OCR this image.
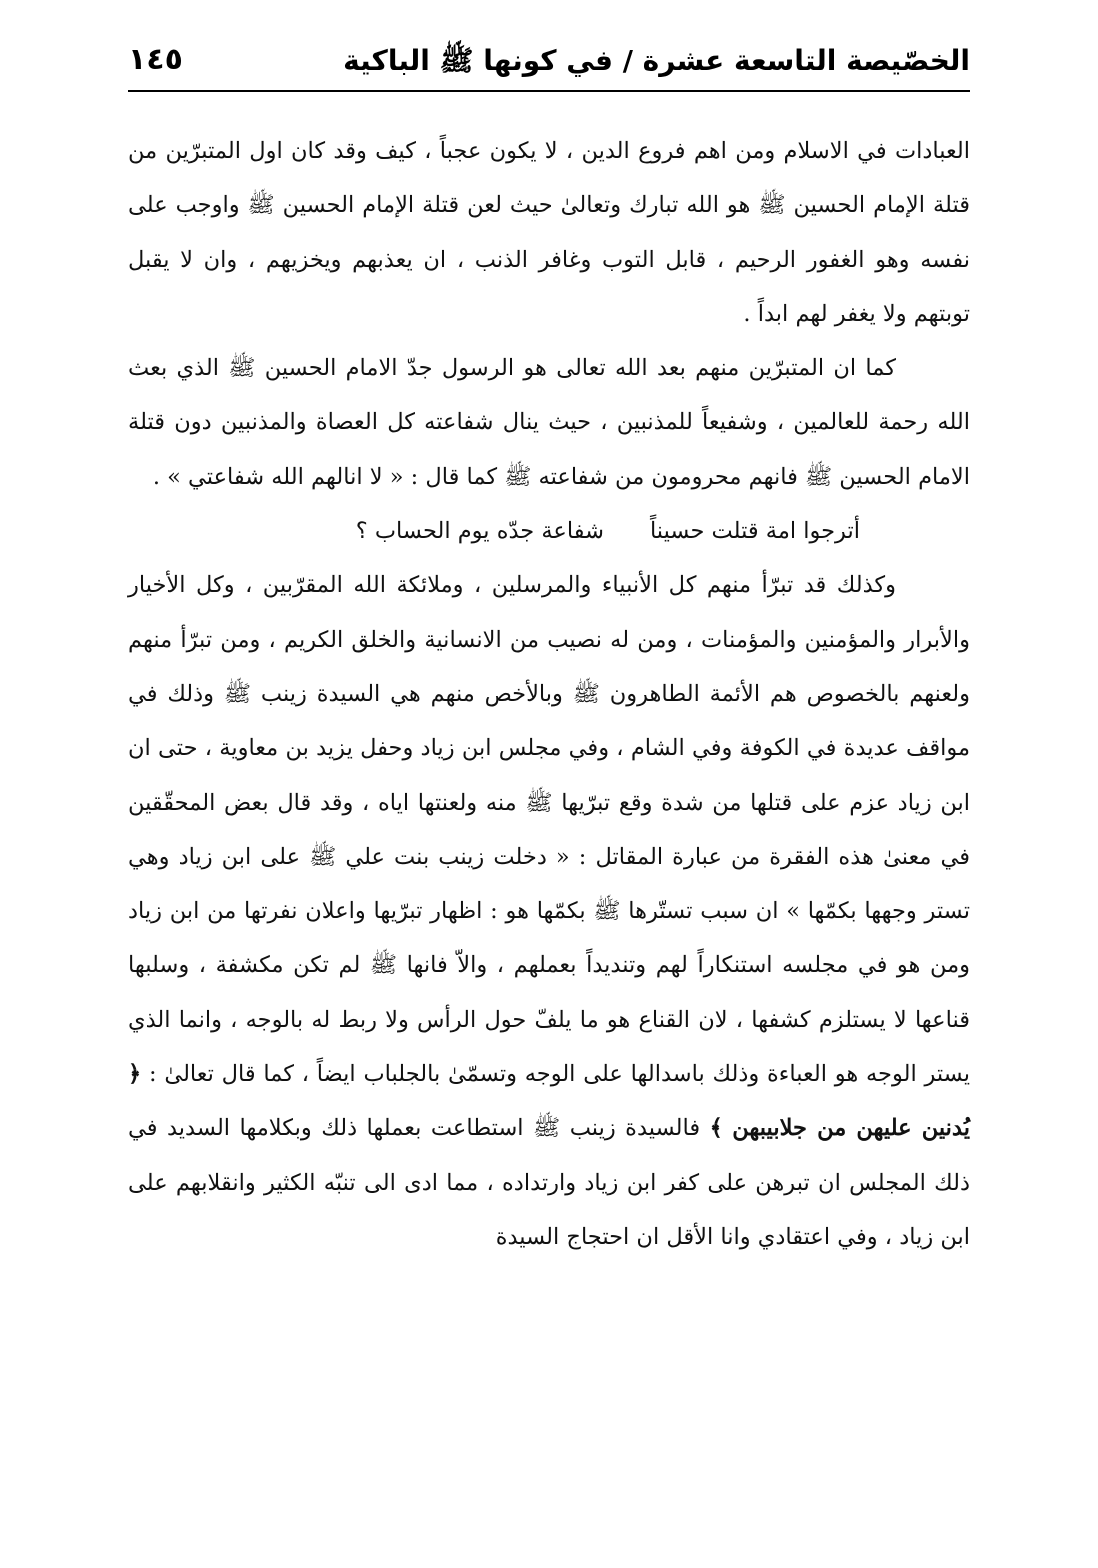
الخصّيصة التاسعة عشرة / في كونها ﷺ الباكية
١٤٥

العبادات في الاسلام ومن اهم فروع الدين ، لا يكون عجباً ، كيف وقد كان اول المتبرّين من قتلة الإمام الحسين ﷺ هو الله تبارك وتعالىٰ حيث لعن قتلة الإمام الحسين ﷺ واوجب على نفسه وهو الغفور الرحيم ، قابل التوب وغافر الذنب ، ان يعذبهم ويخزيهم ، وان لا يقبل توبتهم ولا يغفر لهم ابداً .

كما ان المتبرّين منهم بعد الله تعالى هو الرسول جدّ الامام الحسين ﷺ الذي بعث الله رحمة للعالمين ، وشفيعاً للمذنبين ، حيث ينال شفاعته كل العصاة والمذنبين دون قتلة الامام الحسين ﷺ فانهم محرومون من شفاعته ﷺ كما قال : « لا انالهم الله شفاعتي » .

أترجوا امة قتلت حسيناً
شفاعة جدّه يوم الحساب ؟

وكذلك قد تبرّأ منهم كل الأنبياء والمرسلين ، وملائكة الله المقرّبين ، وكل الأخيار والأبرار والمؤمنين والمؤمنات ، ومن له نصيب من الانسانية والخلق الكريم ، ومن تبرّأ منهم ولعنهم بالخصوص هم الأئمة الطاهرون ﷺ وبالأخص منهم هي السيدة زينب ﷺ وذلك في مواقف عديدة في الكوفة وفي الشام ، وفي مجلس ابن زياد وحفل يزيد بن معاوية ، حتى ان ابن زياد عزم على قتلها من شدة وقع تبرّيها ﷺ منه ولعنتها اياه ، وقد قال بعض المحقّقين في معنىٰ هذه الفقرة من عبارة المقاتل : « دخلت زينب بنت علي ﷺ على ابن زياد وهي تستر وجهها بكمّها » ان سبب تستّرها ﷺ بكمّها هو : اظهار تبرّيها واعلان نفرتها من ابن زياد ومن هو في مجلسه استنكاراً لهم وتنديداً بعملهم ، والاّ فانها ﷺ لم تكن مكشفة ، وسلبها قناعها لا يستلزم كشفها ، لان القناع هو ما يلفّ حول الرأس ولا ربط له بالوجه ، وانما الذي يستر الوجه هو العباءة وذلك باسدالها على الوجه وتسمّىٰ بالجلباب ايضاً ، كما قال تعالىٰ : ﴿ يُدنين عليهن من جلابيبهن ﴾ فالسيدة زينب ﷺ استطاعت بعملها ذلك وبكلامها السديد في ذلك المجلس ان تبرهن على كفر ابن زياد وارتداده ، مما ادى الى تنبّه الكثير وانقلابهم على ابن زياد ، وفي اعتقادي وانا الأقل ان احتجاج السيدة
